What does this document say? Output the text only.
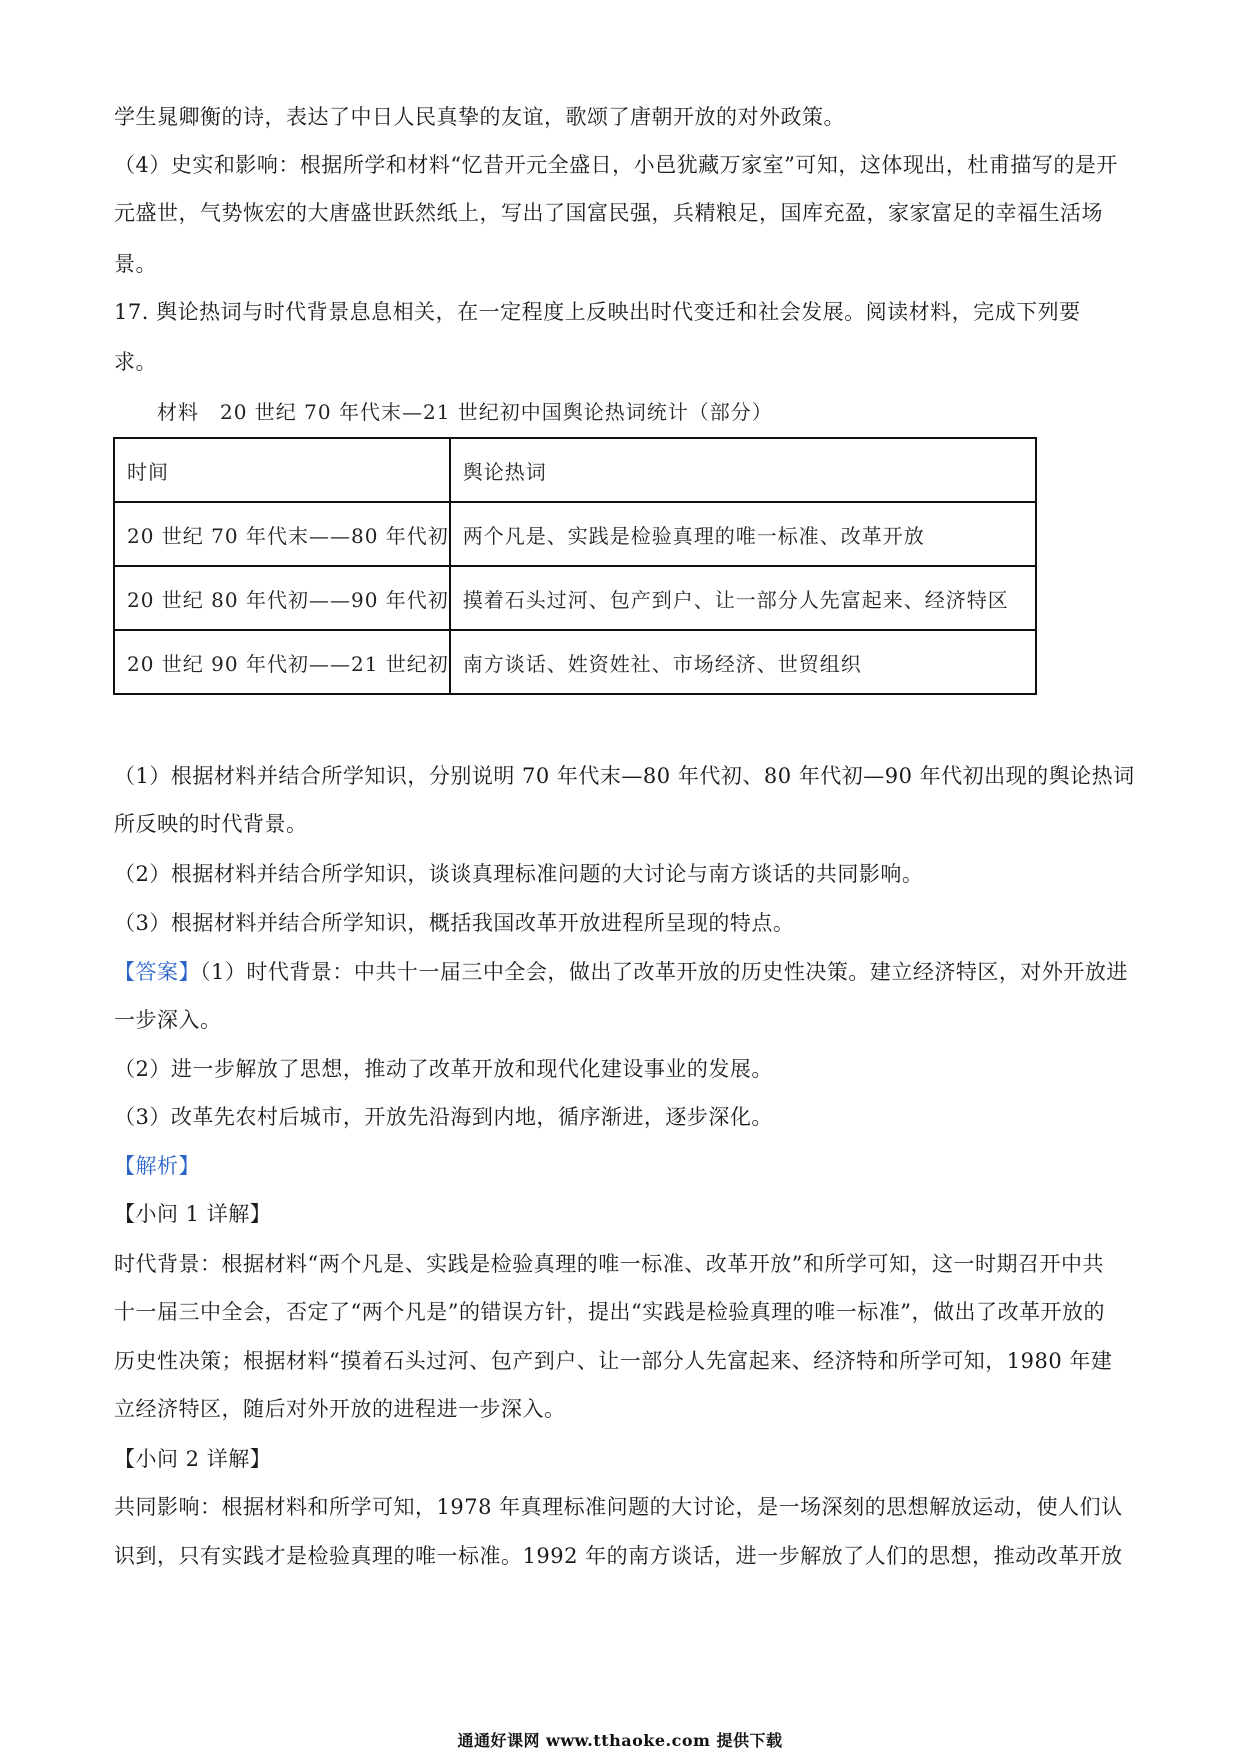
学生晁卿衡的诗，表达了中日人民真挚的友谊，歌颂了唐朝开放的对外政策。
（4）史实和影响：根据所学和材料“忆昔开元全盛日，小邑犹藏万家室”可知，这体现出，杜甫描写的是开
元盛世，气势恢宏的大唐盛世跃然纸上，写出了国富民强，兵精粮足，国库充盈，家家富足的幸福生活场
景。
17. 舆论热词与时代背景息息相关，在一定程度上反映出时代变迁和社会发展。阅读材料，完成下列要
求。
材料　20 世纪 70 年代末—21 世纪初中国舆论热词统计（部分）
时间	舆论热词
20 世纪 70 年代末——80 年代初	两个凡是、实践是检验真理的唯一标准、改革开放
20 世纪 80 年代初——90 年代初	摸着石头过河、包产到户、让一部分人先富起来、经济特区
20 世纪 90 年代初——21 世纪初	南方谈话、姓资姓社、市场经济、世贸组织
（1）根据材料并结合所学知识，分别说明 70 年代末—80 年代初、80 年代初—90 年代初出现的舆论热词
所反映的时代背景。
（2）根据材料并结合所学知识，谈谈真理标准问题的大讨论与南方谈话的共同影响。
（3）根据材料并结合所学知识，概括我国改革开放进程所呈现的特点。
【答案】（1）时代背景：中共十一届三中全会，做出了改革开放的历史性决策。建立经济特区，对外开放进
一步深入。
（2）进一步解放了思想，推动了改革开放和现代化建设事业的发展。
（3）改革先农村后城市，开放先沿海到内地，循序渐进，逐步深化。
【解析】
【小问 1 详解】
时代背景：根据材料“两个凡是、实践是检验真理的唯一标准、改革开放”和所学可知，这一时期召开中共
十一届三中全会，否定了“两个凡是”的错误方针，提出“实践是检验真理的唯一标准”，做出了改革开放的
历史性决策；根据材料“摸着石头过河、包产到户、让一部分人先富起来、经济特和所学可知，1980 年建
立经济特区，随后对外开放的进程进一步深入。
【小问 2 详解】
共同影响：根据材料和所学可知，1978 年真理标准问题的大讨论，是一场深刻的思想解放运动，使人们认
识到，只有实践才是检验真理的唯一标准。1992 年的南方谈话，进一步解放了人们的思想，推动改革开放
通通好课网 www.tthaoke.com 提供下载
